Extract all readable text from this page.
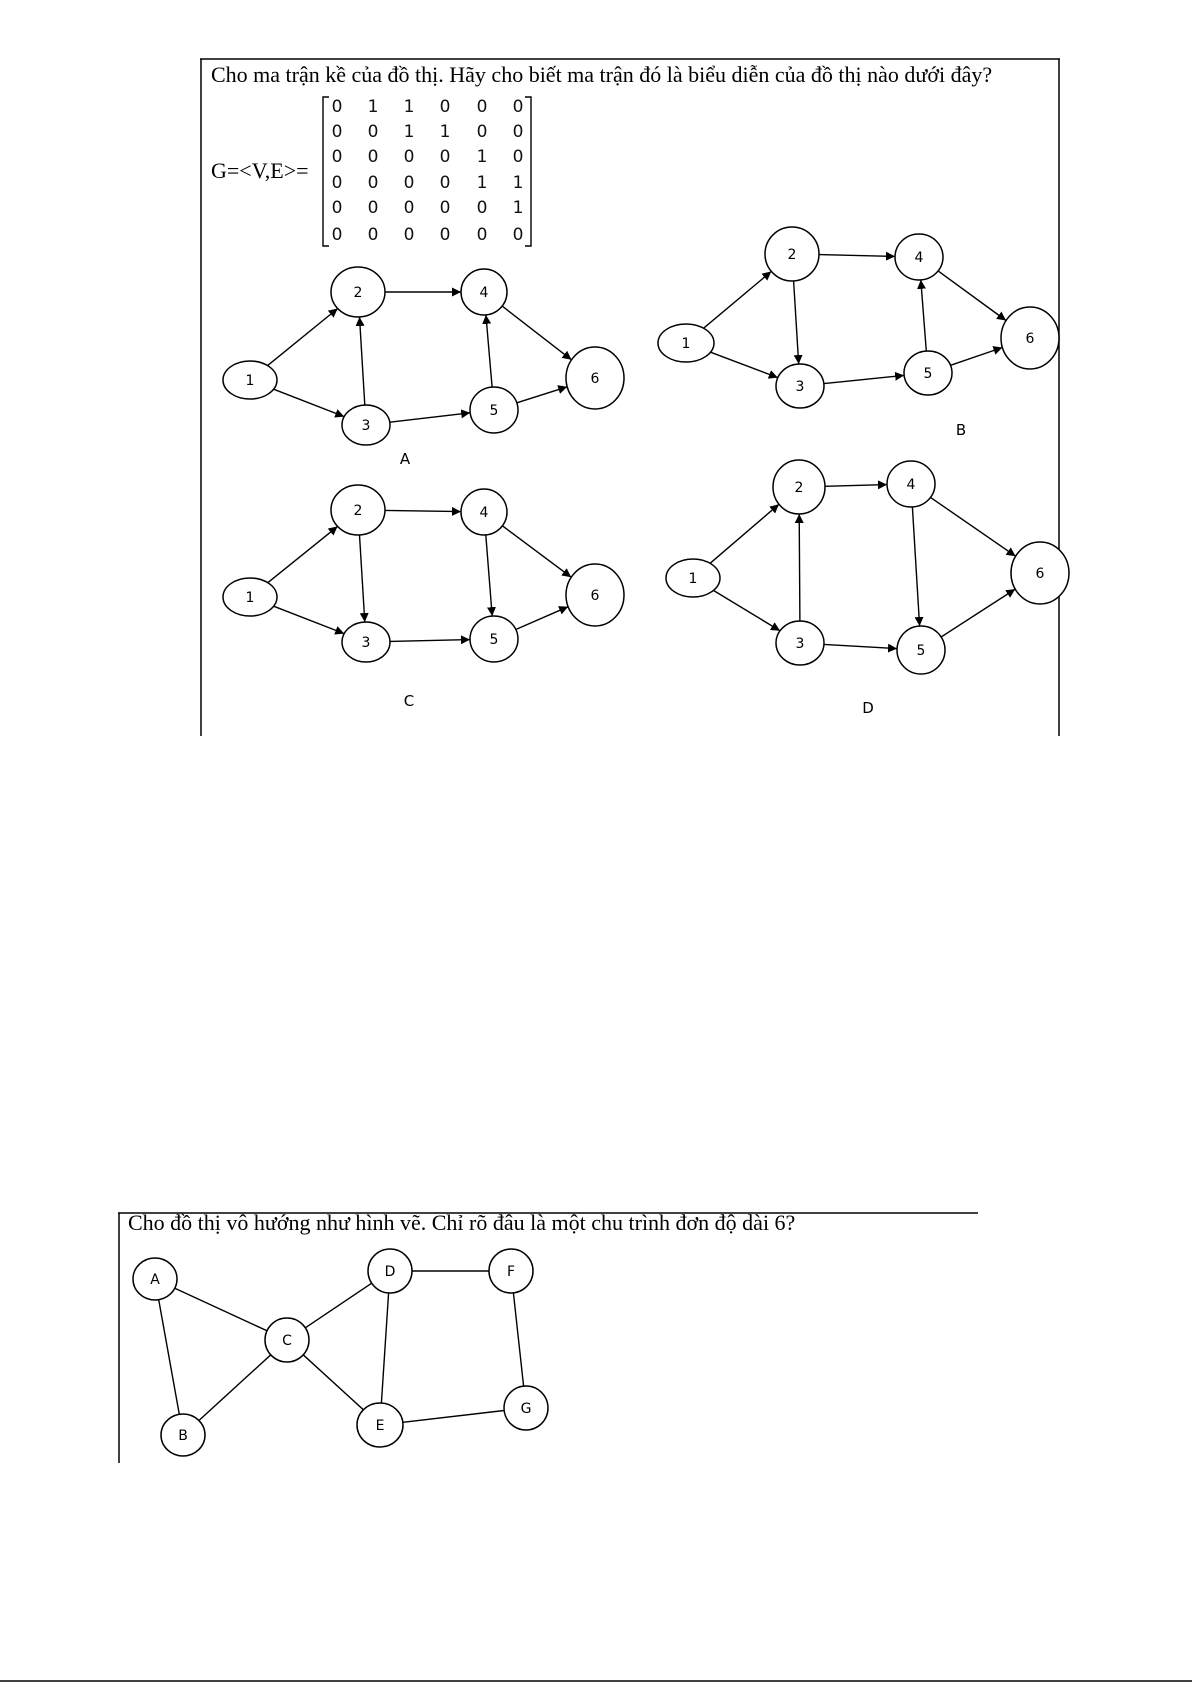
Cho ma trận kề của đồ thị. Hãy cho biết ma trận đó là biểu diễn của đồ thị nào dưới đây?
G=<V,E>=
0 1 1 0 0 0
0 0 1 1 0 0
0 0 0 0 1 0
0 0 0 0 1 1
0 0 0 0 0 1
0 0 0 0 0 0
1
2
3
4
5
6
A
1
2
3
4
5
6
B
1
2
3
4
5
6
C
1
2
3
4
5
6
D
Cho đồ thị vô hướng như hình vẽ. Chỉ rõ đâu là một chu trình đơn độ dài 6?
A
B
C
D
E
F
G
